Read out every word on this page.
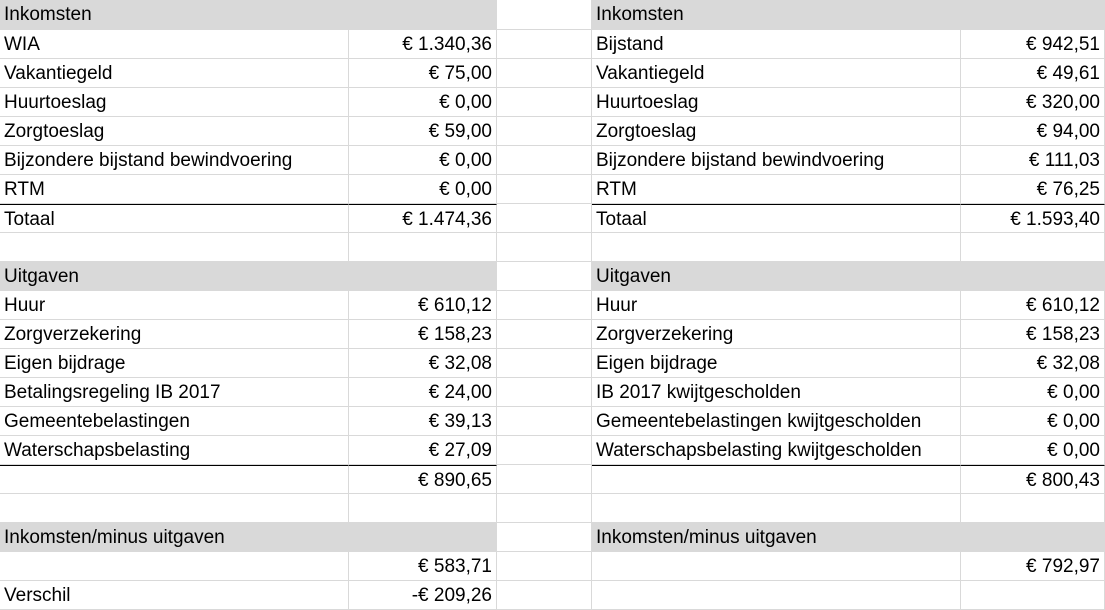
Inkomsten
WIA	€ 1.340,36
Vakantiegeld	€ 75,00
Huurtoeslag	€ 0,00
Zorgtoeslag	€ 59,00
Bijzondere bijstand bewindvoering	€ 0,00
RTM	€ 0,00
Totaal	€ 1.474,36
Uitgaven
Huur	€ 610,12
Zorgverzekering	€ 158,23
Eigen bijdrage	€ 32,08
Betalingsregeling IB 2017	€ 24,00
Gemeentebelastingen	€ 39,13
Waterschapsbelasting	€ 27,09
€ 890,65
Inkomsten/minus uitgaven
€ 583,71
Verschil	-€ 209,26
Inkomsten
Bijstand	€ 942,51
Vakantiegeld	€ 49,61
Huurtoeslag	€ 320,00
Zorgtoeslag	€ 94,00
Bijzondere bijstand bewindvoering	€ 111,03
RTM	€ 76,25
Totaal	€ 1.593,40
Uitgaven
Huur	€ 610,12
Zorgverzekering	€ 158,23
Eigen bijdrage	€ 32,08
IB 2017 kwijtgescholden	€ 0,00
Gemeentebelastingen kwijtgescholden	€ 0,00
Waterschapsbelasting kwijtgescholden	€ 0,00
€ 800,43
Inkomsten/minus uitgaven
€ 792,97
